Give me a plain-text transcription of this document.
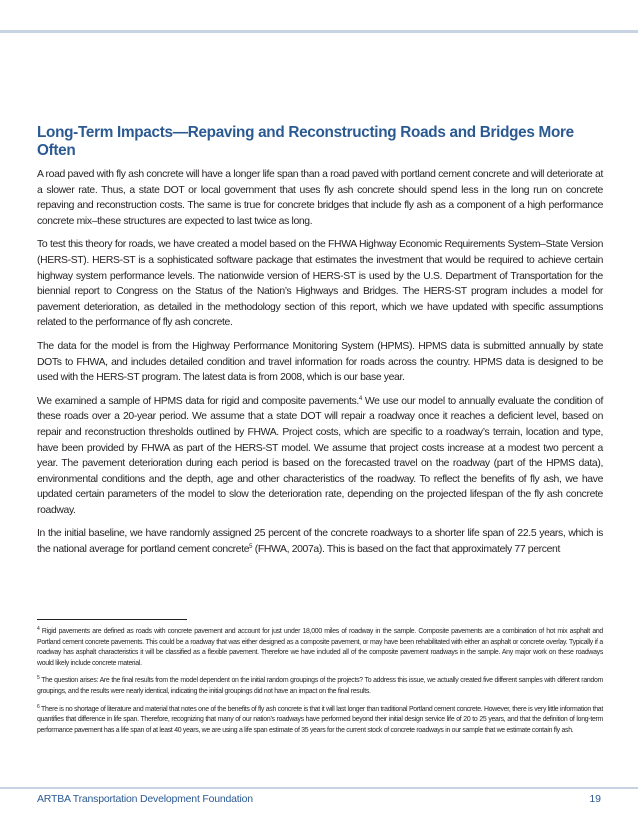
Long-Term Impacts—Repaving and Reconstructing Roads and Bridges More Often

A road paved with fly ash concrete will have a longer life span than a road paved with portland cement concrete and will deteriorate at a slower rate. Thus, a state DOT or local government that uses fly ash concrete should spend less in the long run on concrete repaving and reconstruction costs. The same is true for concrete bridges that include fly ash as a component of a high performance concrete mix–these structures are expected to last twice as long.

To test this theory for roads, we have created a model based on the FHWA Highway Economic Requirements System–State Version (HERS-ST). HERS-ST is a sophisticated software package that estimates the investment that would be required to achieve certain highway system performance levels. The nationwide version of HERS-ST is used by the U.S. Department of Transportation for the biennial report to Congress on the Status of the Nation’s Highways and Bridges. The HERS-ST program includes a model for pavement deterioration, as detailed in the methodology section of this report, which we have updated with specific assumptions related to the performance of fly ash concrete.

The data for the model is from the Highway Performance Monitoring System (HPMS). HPMS data is submitted annually by state DOTs to FHWA, and includes detailed condition and travel information for roads across the country. HPMS data is designed to be used with the HERS-ST program. The latest data is from 2008, which is our base year.

We examined a sample of HPMS data for rigid and composite pavements.$^4$ We use our model to annually evaluate the condition of these roads over a 20-year period. We assume that a state DOT will repair a roadway once it reaches a deficient level, based on repair and reconstruction thresholds outlined by FHWA. Project costs, which are specific to a roadway’s terrain, location and type, have been provided by FHWA as part of the HERS-ST model. We assume that project costs increase at a modest two percent a year. The pavement deterioration during each period is based on the forecasted travel on the roadway (part of the HPMS data), environmental conditions and the depth, age and other characteristics of the roadway. To reflect the benefits of fly ash, we have updated certain parameters of the model to slow the deterioration rate, depending on the projected lifespan of the fly ash concrete roadway.

In the initial baseline, we have randomly assigned 25 percent of the concrete roadways to a shorter life span of 22.5 years, which is the national average for portland cement concrete$^5$ (FHWA, 2007a). This is based on the fact that approximately 77 percent

$^4$ Rigid pavements are defined as roads with concrete pavement and account for just under 18,000 miles of roadway in the sample. Composite pavements are a combination of hot mix asphalt and Portland cement concrete pavements. This could be a roadway that was either designed as a composite pavement, or may have been rehabilitated with either an asphalt or concrete overlay. Typically if a roadway has asphalt characteristics it will be classified as a flexible pavement. Therefore we have included all of the composite pavement roadways in the sample. Any major work on these roadways would likely include concrete material.

$^5$ The question arises: Are the final results from the model dependent on the initial random groupings of the projects? To address this issue, we actually created five different samples with different random groupings, and the results were nearly identical, indicating the initial groupings did not have an impact on the final results.

$^6$ There is no shortage of literature and material that notes one of the benefits of fly ash concrete is that it will last longer than traditional Portland cement concrete. However, there is very little information that quantifies that difference in life span. Therefore, recognizing that many of our nation’s roadways have performed beyond their initial design service life of 20 to 25 years, and that the definition of long-term performance pavement has a life span of at least 40 years, we are using a life span estimate of 35 years for the current stock of concrete roadways in our sample that we estimate contain fly ash.

ARTBA Transportation Development Foundation	19
